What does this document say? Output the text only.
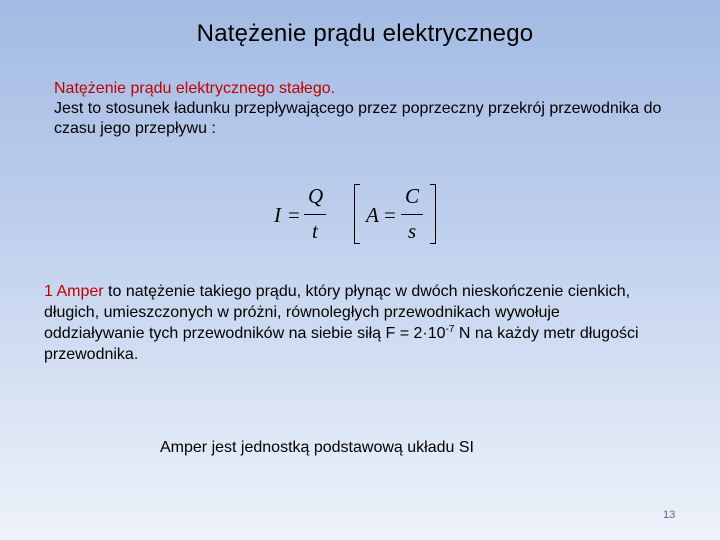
Natężenie prądu elektrycznego
Natężenie prądu elektrycznego stałego.
Jest to stosunek ładunku przepływającego przez poprzeczny przekrój przewodnika do czasu jego przepływu :
I =
Q
t
A =
C
s
1 Amper to natężenie takiego prądu, który płynąc w dwóch nieskończenie cienkich, długich, umieszczonych w próżni, równoległych przewodnikach wywołuje oddziaływanie tych przewodników na siebie siłą $F = 2\cdot 10^{-7}$ N na każdy metr długości przewodnika.
Amper jest jednostką podstawową układu SI
13
